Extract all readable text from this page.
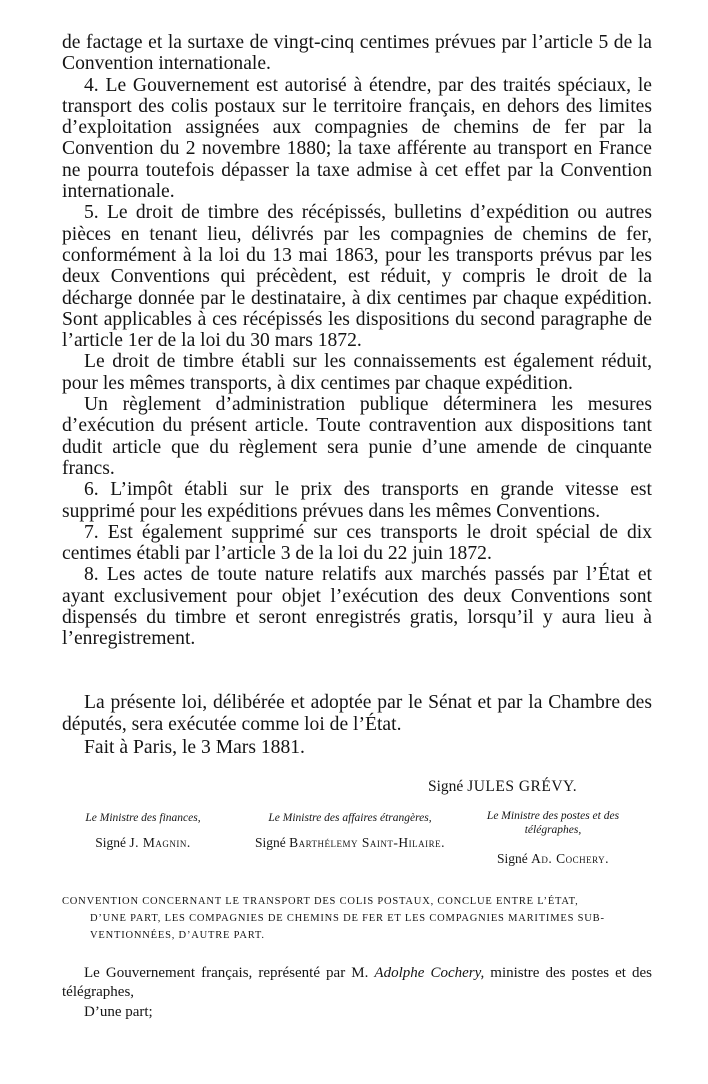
de factage et la surtaxe de vingt-cinq centimes prévues par l’article 5 de la Convention internationale.

4. Le Gouvernement est autorisé à étendre, par des traités spéciaux, le transport des colis postaux sur le territoire français, en dehors des limites d’exploitation assignées aux compagnies de chemins de fer par la Convention du 2 novembre 1880; la taxe afférente au transport en France ne pourra toutefois dépasser la taxe admise à cet effet par la Convention internationale.

5. Le droit de timbre des récépissés, bulletins d’expédition ou autres pièces en tenant lieu, délivrés par les compagnies de chemins de fer, conformément à la loi du 13 mai 1863, pour les transports prévus par les deux Conventions qui précèdent, est réduit, y compris le droit de la décharge donnée par le destinataire, à dix centimes par chaque expédition. Sont applicables à ces récépissés les dispositions du second paragraphe de l’article 1er de la loi du 30 mars 1872.

Le droit de timbre établi sur les connaissements est également réduit, pour les mêmes transports, à dix centimes par chaque expédition.

Un règlement d’administration publique déterminera les mesures d’exécution du présent article. Toute contravention aux dispositions tant dudit article que du règlement sera punie d’une amende de cinquante francs.

6. L’impôt établi sur le prix des transports en grande vitesse est supprimé pour les expéditions prévues dans les mêmes Conventions.

7. Est également supprimé sur ces transports le droit spécial de dix centimes établi par l’article 3 de la loi du 22 juin 1872.

8. Les actes de toute nature relatifs aux marchés passés par l’État et ayant exclusivement pour objet l’exécution des deux Conventions sont dispensés du timbre et seront enregistrés gratis, lorsqu’il y aura lieu à l’enregistrement.

La présente loi, délibérée et adoptée par le Sénat et par la Chambre des députés, sera exécutée comme loi de l’État.

Fait à Paris, le 3 Mars 1881.
Signé JULES GRÉVY.
Le Ministre des finances,
Signé J. Magnin.
Le Ministre des affaires étrangères,
Signé Barthélemy Saint-Hilaire.
Le Ministre des postes et des télégraphes,
Signé Ad. Cochery.
CONVENTION CONCERNANT LE TRANSPORT DES COLIS POSTAUX, CONCLUE ENTRE L’ÉTAT,
D’UNE PART, LES COMPAGNIES DE CHEMINS DE FER ET LES COMPAGNIES MARITIMES SUB-
VENTIONNÉES, D’AUTRE PART.

Le Gouvernement français, représenté par M. Adolphe Cochery, ministre des postes et des télégraphes,

D’une part;
